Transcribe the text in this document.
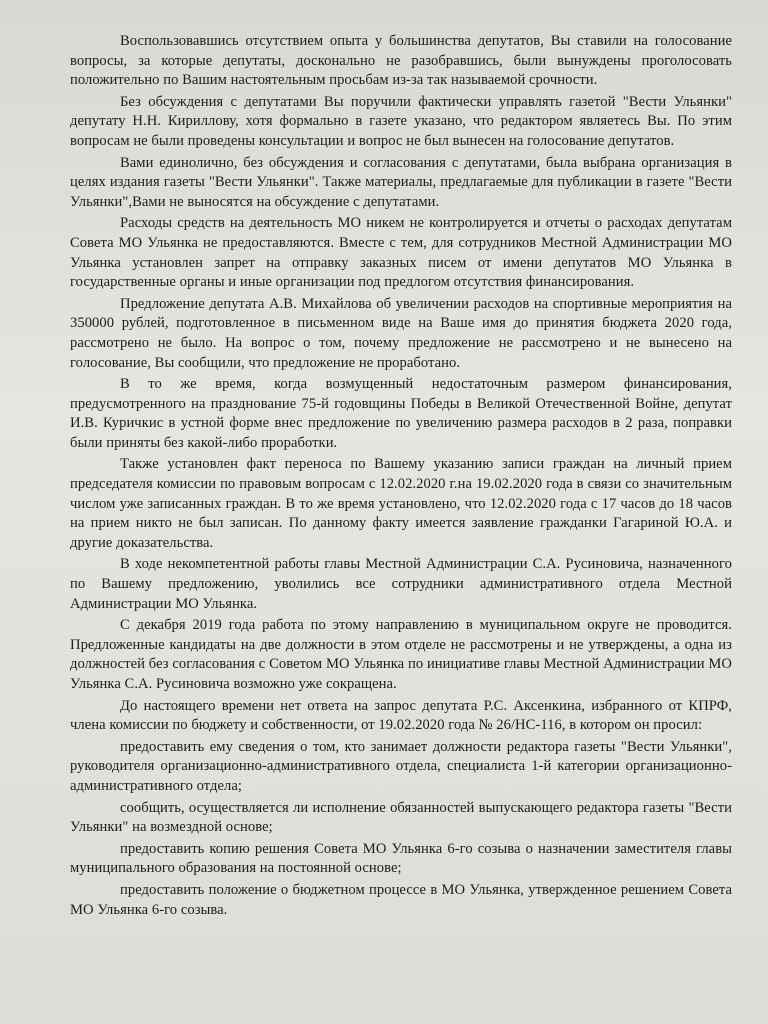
Воспользовавшись отсутствием опыта у большинства депутатов, Вы ставили на голосование вопросы, за которые депутаты, досконально не разобравшись, были вынуждены проголосовать положительно по Вашим настоятельным просьбам из-за так называемой срочности.

Без обсуждения с депутатами Вы поручили фактически управлять газетой "Вести Ульянки" депутату Н.Н. Кириллову, хотя формально в газете указано, что редактором являетесь Вы. По этим вопросам не были проведены консультации и вопрос не был вынесен на голосование депутатов.

Вами единолично, без обсуждения и согласования с депутатами, была выбрана организация в целях издания газеты "Вести Ульянки". Также материалы, предлагаемые для публикации в газете "Вести Ульянки",Вами не выносятся на обсуждение с депутатами.

Расходы средств на деятельность МО никем не контролируется и отчеты о расходах депутатам Совета МО Ульянка не предоставляются. Вместе с тем, для сотрудников Местной Администрации МО Ульянка установлен запрет на отправку заказных писем от имени депутатов МО Ульянка в государственные органы и иные организации под предлогом отсутствия финансирования.

Предложение депутата А.В. Михайлова об увеличении расходов на спортивные мероприятия на 350000 рублей, подготовленное в письменном виде на Ваше имя до принятия бюджета 2020 года, рассмотрено не было. На вопрос о том, почему предложение не рассмотрено и не вынесено на голосование, Вы сообщили, что предложение не проработано.

В то же время, когда возмущенный недостаточным размером финансирования, предусмотренного на празднование 75-й годовщины Победы в Великой Отечественной Войне, депутат И.В. Куричкис в устной форме внес предложение по увеличению размера расходов в 2 раза, поправки были приняты без какой-либо проработки.

Также установлен факт переноса по Вашему указанию записи граждан на личный прием председателя комиссии по правовым вопросам с 12.02.2020 г.на 19.02.2020 года в связи со значительным числом уже записанных граждан. В то же время установлено, что 12.02.2020 года с 17 часов до 18 часов на прием никто не был записан. По данному факту имеется заявление гражданки Гагариной Ю.А. и другие доказательства.

В ходе некомпетентной работы главы Местной Администрации С.А. Русиновича, назначенного по Вашему предложению, уволились все сотрудники административного отдела Местной Администрации МО Ульянка.

С декабря 2019 года работа по этому направлению в муниципальном округе не проводится. Предложенные кандидаты на две должности в этом отделе не рассмотрены и не утверждены, а одна из должностей без согласования с Советом МО Ульянка по инициативе главы Местной Администрации МО Ульянка С.А. Русиновича возможно уже сокращена.

До настоящего времени нет ответа на запрос депутата Р.С. Аксенкина, избранного от КПРФ, члена комиссии по бюджету и собственности, от 19.02.2020 года № 26/НС-116, в котором он просил:

предоставить ему сведения о том, кто занимает должности редактора газеты "Вести Ульянки", руководителя организационно-административного отдела, специалиста 1-й категории организационно-административного отдела;

сообщить, осуществляется ли исполнение обязанностей выпускающего редактора газеты "Вести Ульянки" на возмездной основе;

предоставить копию решения Совета МО Ульянка 6-го созыва о назначении заместителя главы муниципального образования на постоянной основе;

предоставить положение о бюджетном процессе в МО Ульянка, утвержденное решением Совета МО Ульянка 6-го созыва.
